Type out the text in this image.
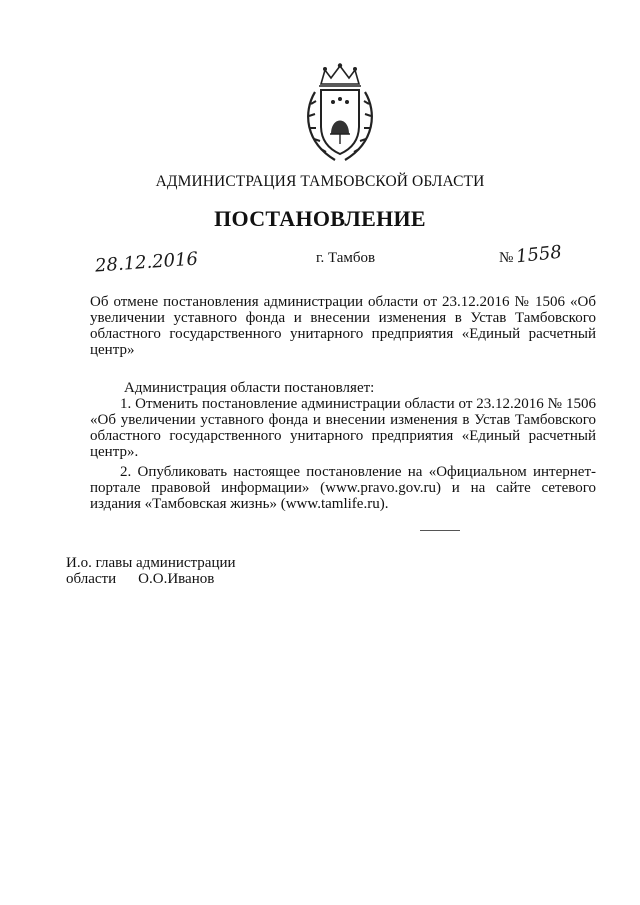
АДМИНИСТРАЦИЯ ТАМБОВСКОЙ ОБЛАСТИ
ПОСТАНОВЛЕНИЕ
28.12.2016	г. Тамбов	№ 1558
Об отмене постановления администрации области от 23.12.2016 № 1506 «Об увеличении уставного фонда и внесении изменения в Устав Тамбовского областного государственного унитарного предприятия «Единый расчетный центр»
Администрация области постановляет:
1. Отменить постановление администрации области от 23.12.2016 № 1506 «Об увеличении уставного фонда и внесении изменения в Устав Тамбовского областного государственного унитарного предприятия «Единый расчетный центр».
2. Опубликовать настоящее постановление на «Официальном интернет-портале правовой информации» (www.pravo.gov.ru) и на сайте сетевого издания «Тамбовская жизнь» (www.tamlife.ru).
И.о. главы администрации
области О.О.Иванов
